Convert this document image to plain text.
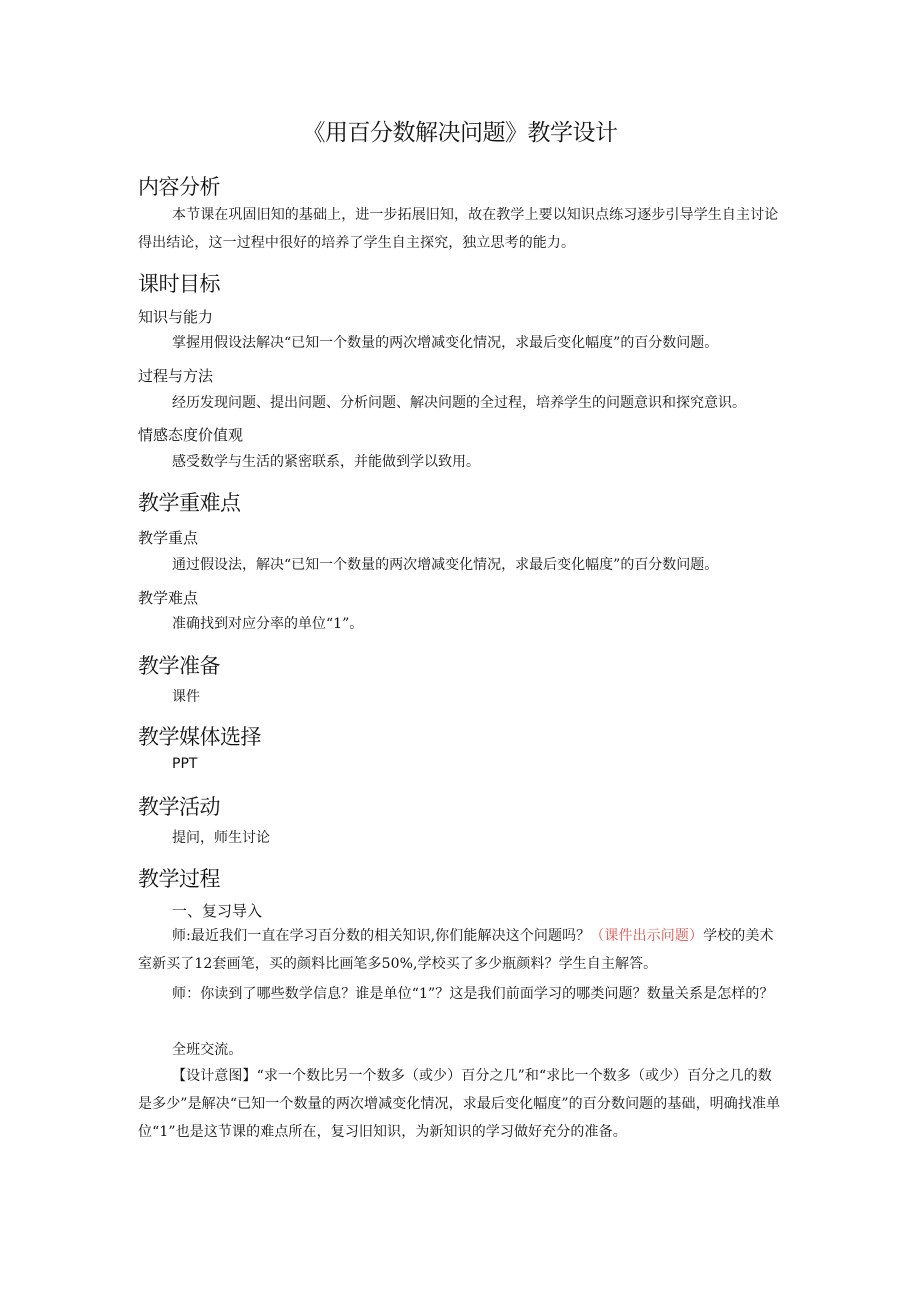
《用百分数解决问题》教学设计
内容分析
本节课在巩固旧知的基础上，进一步拓展旧知，故在教学上要以知识点练习逐步引导学生自主讨论得出结论，这一过程中很好的培养了学生自主探究，独立思考的能力。
课时目标
知识与能力
掌握用假设法解决“已知一个数量的两次增减变化情况，求最后变化幅度”的百分数问题。
过程与方法
经历发现问题、提出问题、分析问题、解决问题的全过程，培养学生的问题意识和探究意识。
情感态度价值观
感受数学与生活的紧密联系，并能做到学以致用。
教学重难点
教学重点
通过假设法，解决“已知一个数量的两次增减变化情况，求最后变化幅度”的百分数问题。
教学难点
准确找到对应分率的单位“1”。
教学准备
课件
教学媒体选择
PPT
教学活动
提问，师生讨论
教学过程
一、复习导入
师:最近我们一直在学习百分数的相关知识,你们能解决这个问题吗？（课件出示问题）学校的美术室新买了12套画笔，买的颜料比画笔多50%,学校买了多少瓶颜料？学生自主解答。
师：你读到了哪些数学信息？谁是单位“1”？这是我们前面学习的哪类问题？数量关系是怎样的？
全班交流。
【设计意图】“求一个数比另一个数多（或少）百分之几”和“求比一个数多（或少）百分之几的数是多少”是解决“已知一个数量的两次增减变化情况，求最后变化幅度”的百分数问题的基础，明确找准单位“1”也是这节课的难点所在，复习旧知识，为新知识的学习做好充分的准备。
